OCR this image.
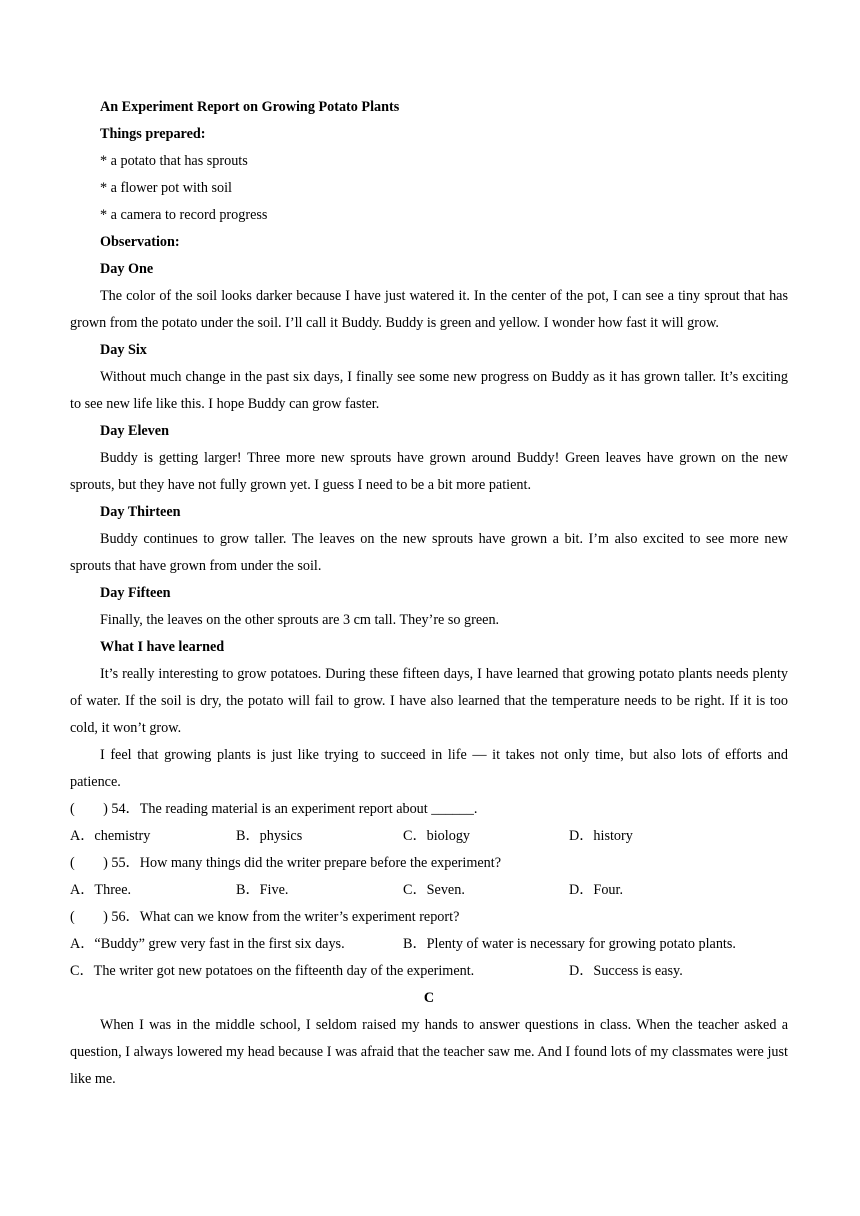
An Experiment Report on Growing Potato Plants
Things prepared:
* a potato that has sprouts
* a flower pot with soil
* a camera to record progress
Observation:
Day One

The color of the soil looks darker because I have just watered it. In the center of the pot, I can see a tiny sprout that has grown from the potato under the soil. I’ll call it Buddy. Buddy is green and yellow. I wonder how fast it will grow.

Day Six

Without much change in the past six days, I finally see some new progress on Buddy as it has grown taller. It’s exciting to see new life like this. I hope Buddy can grow faster.

Day Eleven

Buddy is getting larger! Three more new sprouts have grown around Buddy! Green leaves have grown on the new sprouts, but they have not fully grown yet. I guess I need to be a bit more patient.

Day Thirteen

Buddy continues to grow taller. The leaves on the new sprouts have grown a bit. I’m also excited to see more new sprouts that have grown from under the soil.

Day Fifteen

Finally, the leaves on the other sprouts are 3 cm tall. They’re so green.

What I have learned

It’s really interesting to grow potatoes. During these fifteen days, I have learned that growing potato plants needs plenty of water. If the soil is dry, the potato will fail to grow. I have also learned that the temperature needs to be right. If it is too cold, it won’t grow.

I feel that growing plants is just like trying to succeed in life — it takes not only time, but also lots of efforts and patience.

(　　) 54．The reading material is an experiment report about ______.
A．chemistry	B．physics	C．biology	D．history
(　　) 55．How many things did the writer prepare before the experiment?
A．Three.	B．Five.	C．Seven.	D．Four.
(　　) 56．What can we know from the writer’s experiment report?
A．“Buddy” grew very fast in the first six days.	B．Plenty of water is necessary for growing potato plants.
C．The writer got new potatoes on the fifteenth day of the experiment.	D．Success is easy.
C

When I was in the middle school, I seldom raised my hands to answer questions in class. When the teacher asked a question, I always lowered my head because I was afraid that the teacher saw me. And I found lots of my classmates were just like me.
